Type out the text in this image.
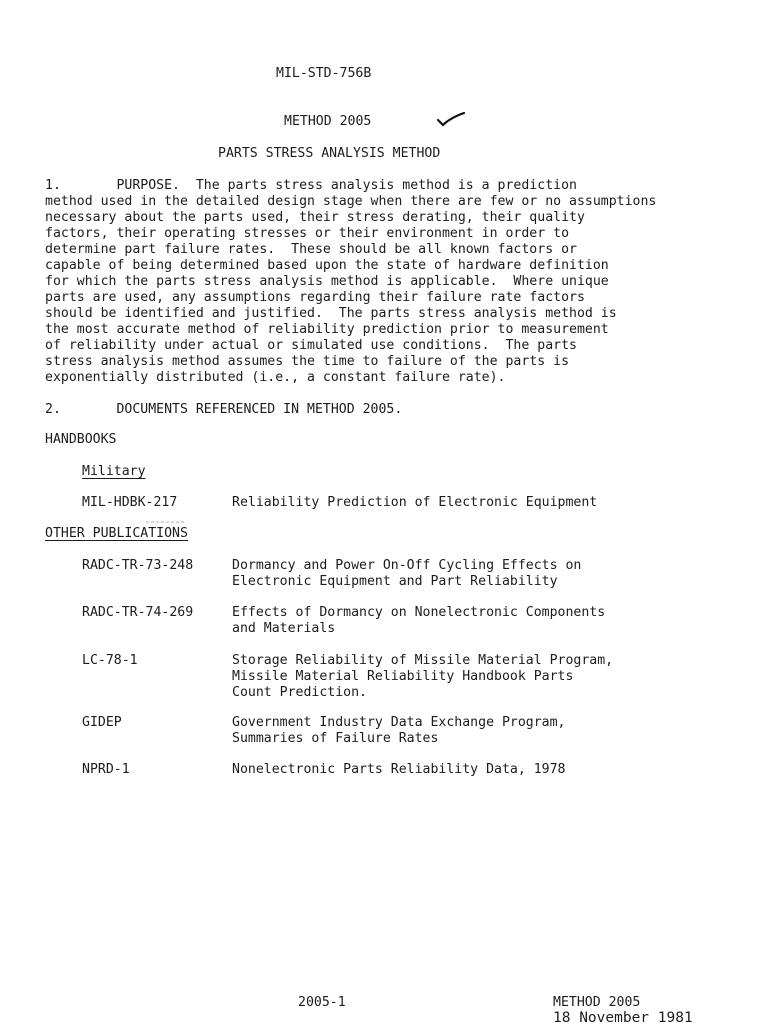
MIL-STD-756B
METHOD 2005
PARTS STRESS ANALYSIS METHOD
1.       PURPOSE.  The parts stress analysis method is a prediction
method used in the detailed design stage when there are few or no assumptions
necessary about the parts used, their stress derating, their quality
factors, their operating stresses or their environment in order to
determine part failure rates.  These should be all known factors or
capable of being determined based upon the state of hardware definition
for which the parts stress analysis method is applicable.  Where unique
parts are used, any assumptions regarding their failure rate factors
should be identified and justified.  The parts stress analysis method is
the most accurate method of reliability prediction prior to measurement
of reliability under actual or simulated use conditions.  The parts
stress analysis method assumes the time to failure of the parts is
exponentially distributed (i.e., a constant failure rate).
2.       DOCUMENTS REFERENCED IN METHOD 2005.
HANDBOOKS
Military
MIL-HDBK-217	Reliability Prediction of Electronic Equipment
OTHER PUBLICATIONS
RADC-TR-73-248	Dormancy and Power On-Off Cycling Effects on
Electronic Equipment and Part Reliability
RADC-TR-74-269	Effects of Dormancy on Nonelectronic Components
and Materials
LC-78-1	Storage Reliability of Missile Material Program,
Missile Material Reliability Handbook Parts
Count Prediction.
GIDEP	Government Industry Data Exchange Program,
Summaries of Failure Rates
NPRD-1	Nonelectronic Parts Reliability Data, 1978
2005-1	METHOD 2005
18 November 1981
